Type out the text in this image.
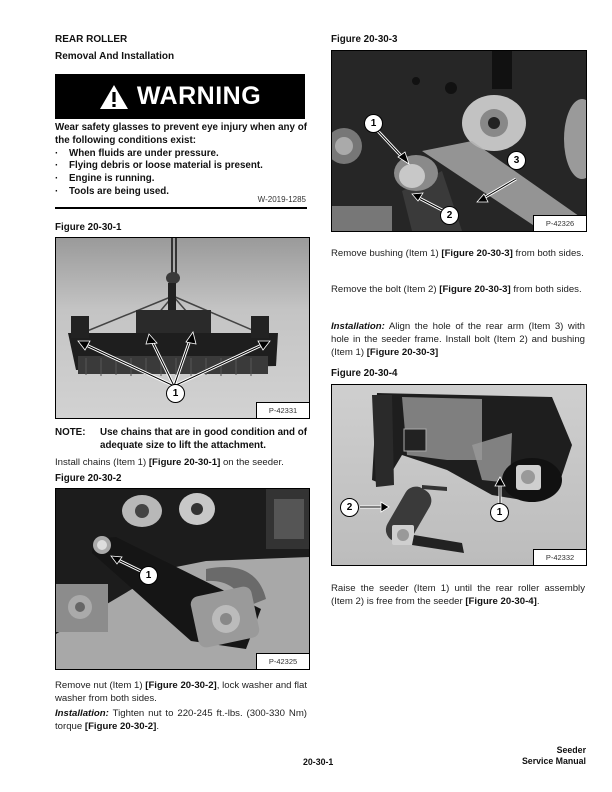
REAR ROLLER
Removal And Installation
WARNING
Wear safety glasses to prevent eye injury when any of the following conditions exist:
·	When fluids are under pressure.
·	Flying debris or loose material is present.
·	Engine is running.
·	Tools are being used.
W-2019-1285
Figure 20-30-1
1
P-42331
NOTE:	Use chains that are in good condition and of adequate size to lift the attachment.
Install chains (Item 1) [Figure 20-30-1] on the seeder.
Figure 20-30-2
1
P-42325
Remove nut (Item 1) [Figure 20-30-2], lock washer and flat washer from both sides.
Installation: Tighten nut to 220-245 ft.-lbs. (300-330 Nm) torque [Figure 20-30-2].
Figure 20-30-3
1
2
3
P-42326
Remove bushing (Item 1) [Figure 20-30-3] from both sides.
Remove the bolt (Item 2) [Figure 20-30-3] from both sides.
Installation: Align the hole of the rear arm (Item 3) with hole in the seeder frame. Install bolt (Item 2) and bushing (Item 1) [Figure 20-30-3]
Figure 20-30-4
2	1
P-42332
Raise the seeder (Item 1) until the rear roller assembly (Item 2) is free from the seeder [Figure 20-30-4].
20-30-1
Seeder
Service Manual
